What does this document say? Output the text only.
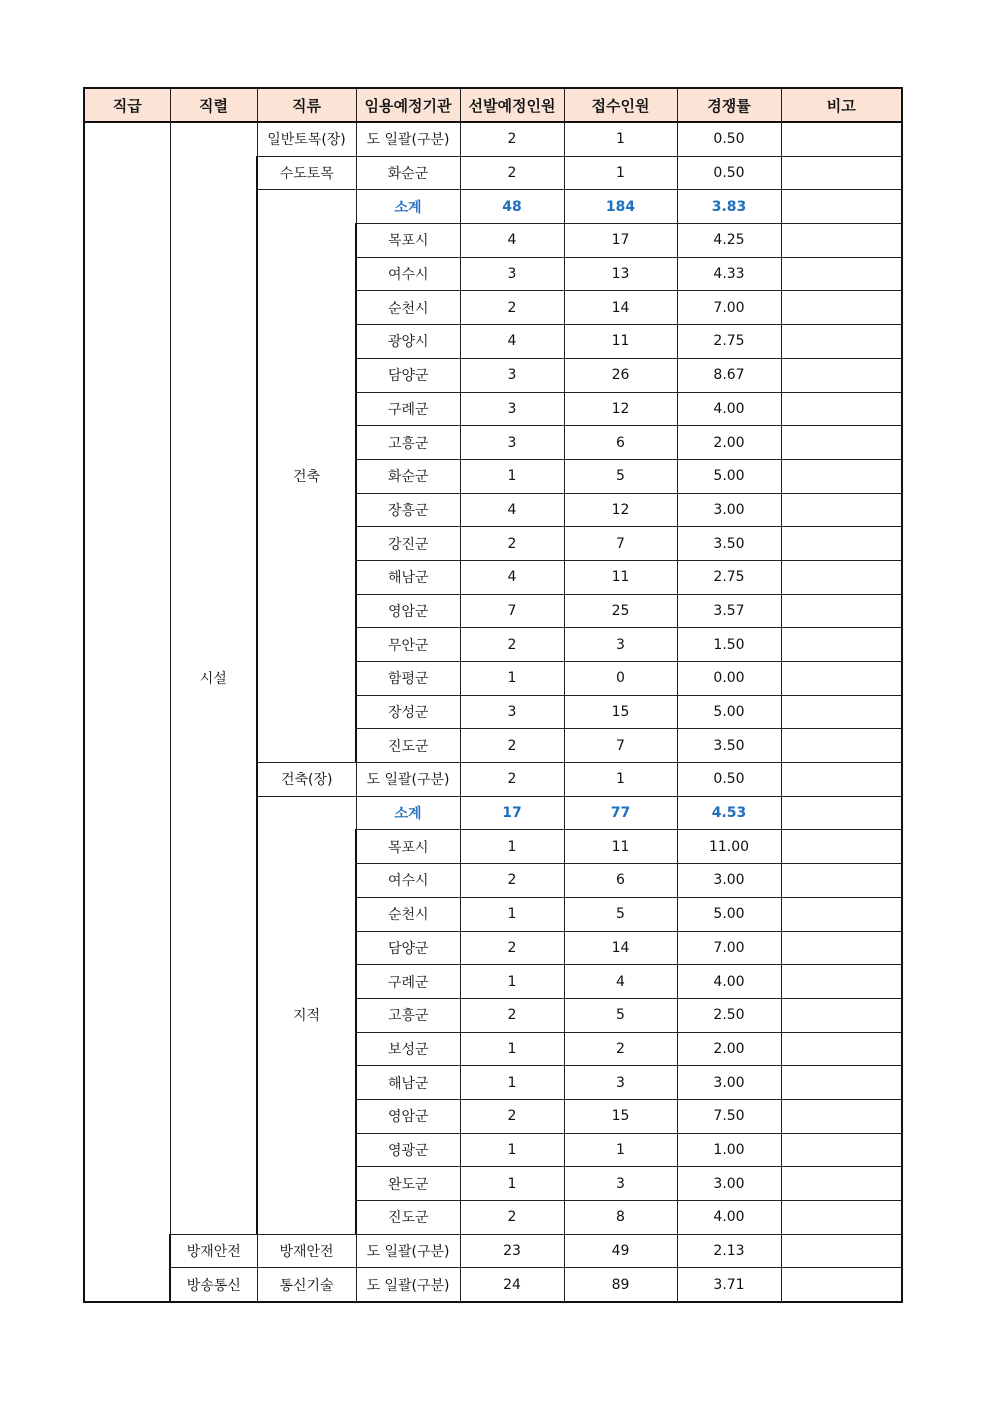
직급	직렬	직류	임용예정기관	선발예정인원	접수인원	경쟁률	비고
	시설	일반토목(장)	도 일괄(구분)	2	1	0.50	
		수도토목	화순군	2	1	0.50	
		건축	소계	48	184	3.83	
			목포시	4	17	4.25	
			여수시	3	13	4.33	
			순천시	2	14	7.00	
			광양시	4	11	2.75	
			담양군	3	26	8.67	
			구례군	3	12	4.00	
			고흥군	3	6	2.00	
			화순군	1	5	5.00	
			장흥군	4	12	3.00	
			강진군	2	7	3.50	
			해남군	4	11	2.75	
			영암군	7	25	3.57	
			무안군	2	3	1.50	
			함평군	1	0	0.00	
			장성군	3	15	5.00	
			진도군	2	7	3.50	
		건축(장)	도 일괄(구분)	2	1	0.50	
		지적	소계	17	77	4.53	
			목포시	1	11	11.00	
			여수시	2	6	3.00	
			순천시	1	5	5.00	
			담양군	2	14	7.00	
			구례군	1	4	4.00	
			고흥군	2	5	2.50	
			보성군	1	2	2.00	
			해남군	1	3	3.00	
			영암군	2	15	7.50	
			영광군	1	1	1.00	
			완도군	1	3	3.00	
			진도군	2	8	4.00	
	방재안전	방재안전	도 일괄(구분)	23	49	2.13	
	방송통신	통신기술	도 일괄(구분)	24	89	3.71	
